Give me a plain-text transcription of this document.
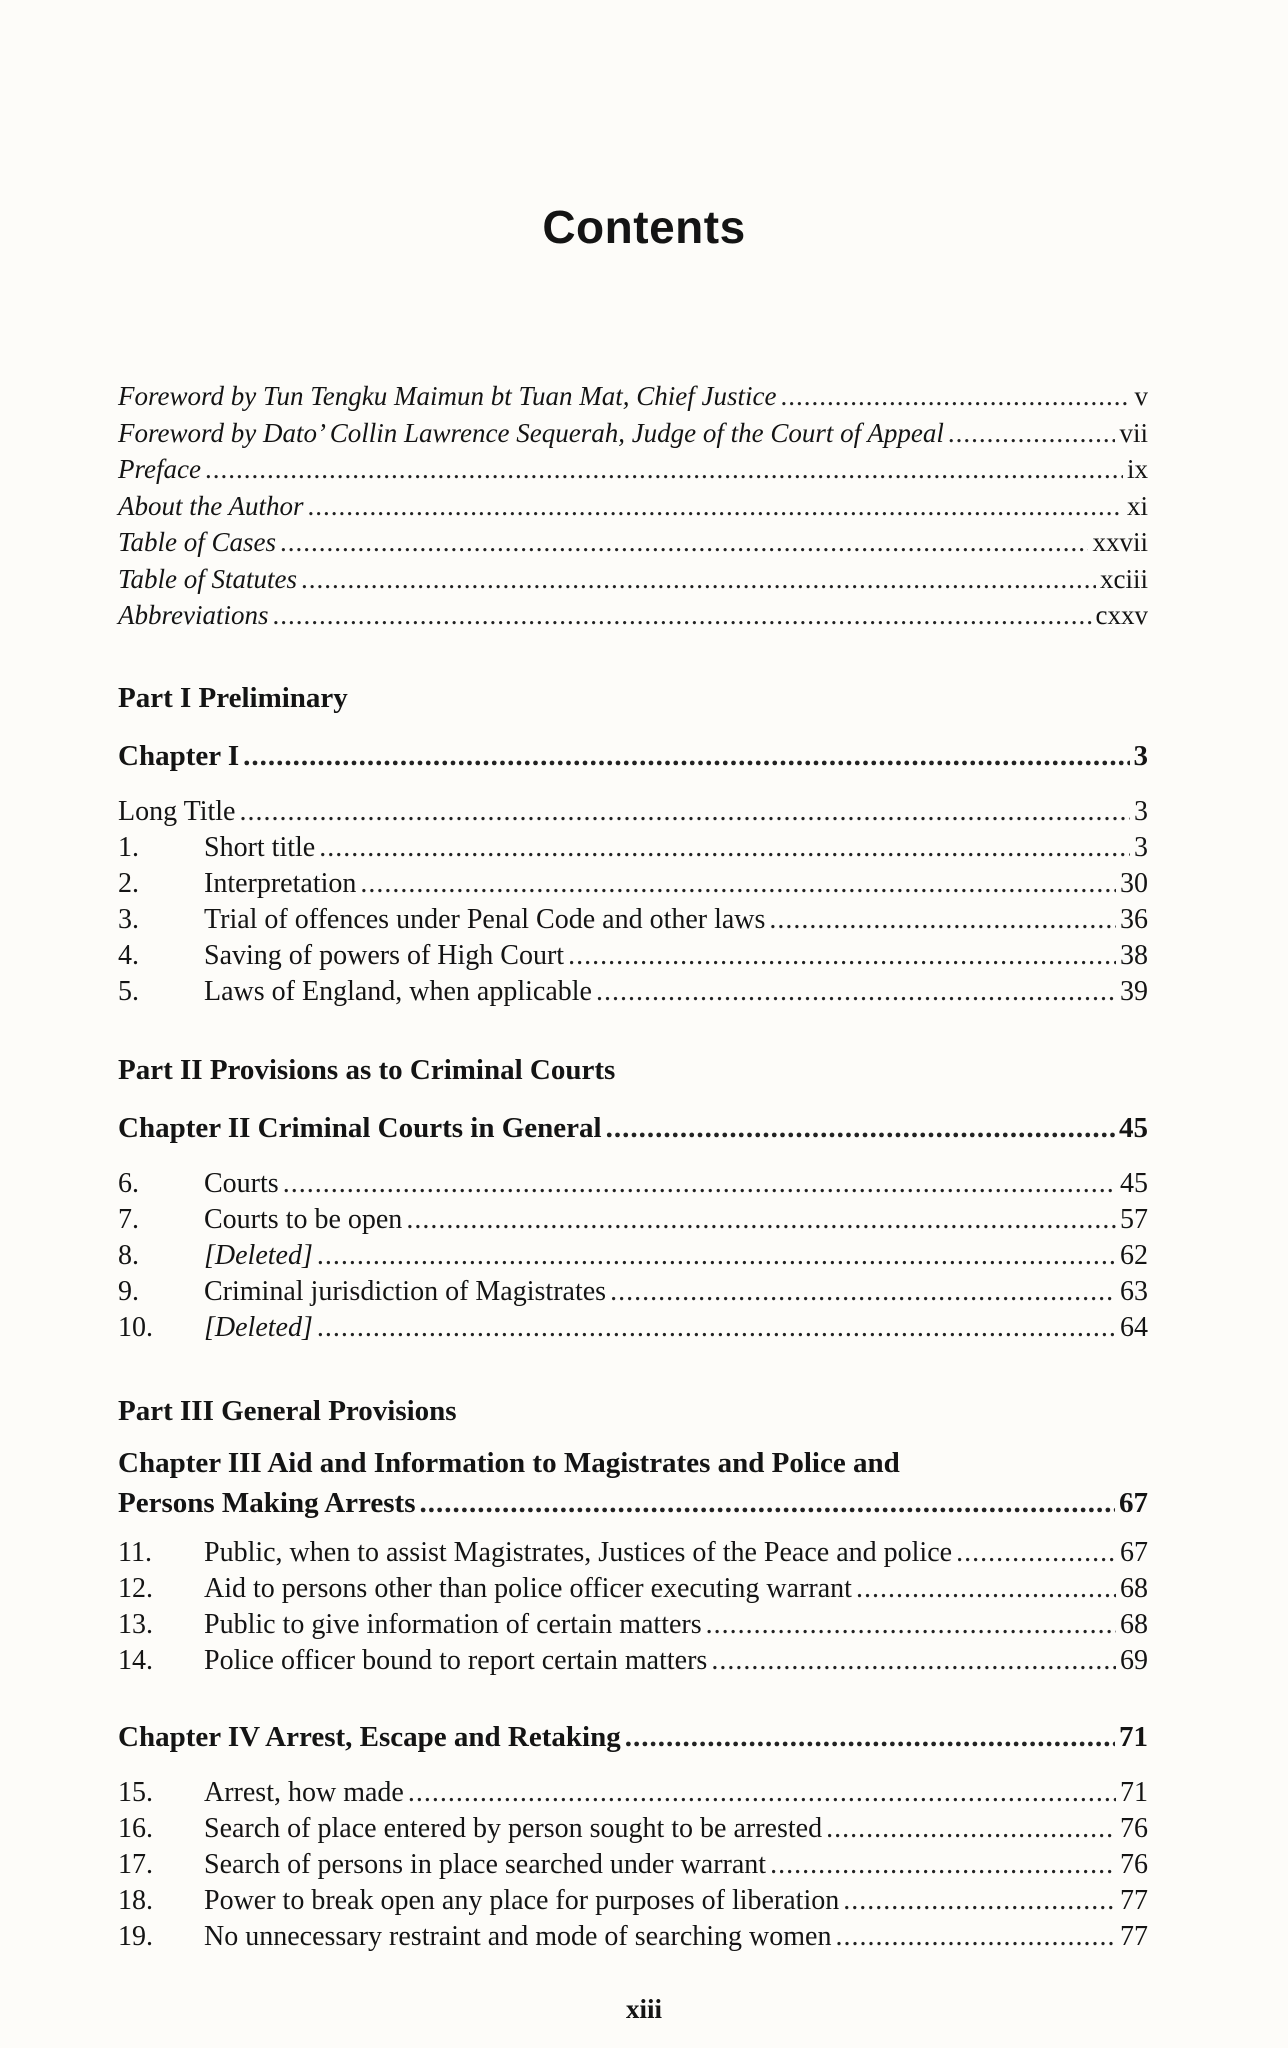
Contents
Foreword by Tun Tengku Maimun bt Tuan Mat, Chief Justice .....	v
Foreword by Dato’ Collin Lawrence Sequerah, Judge of the Court of Appeal .....	vii
Preface .....	ix
About the Author .....	xi
Table of Cases .....	xxvii
Table of Statutes .....	xciii
Abbreviations .....	cxxv
Part I Preliminary
Chapter I .....	3
Long Title .....	3
1.	Short title .....	3
2.	Interpretation .....	30
3.	Trial of offences under Penal Code and other laws .....	36
4.	Saving of powers of High Court .....	38
5.	Laws of England, when applicable .....	39
Part II Provisions as to Criminal Courts
Chapter II Criminal Courts in General .....	45
6.	Courts .....	45
7.	Courts to be open .....	57
8.	[Deleted] .....	62
9.	Criminal jurisdiction of Magistrates .....	63
10.	[Deleted] .....	64
Part III General Provisions
Chapter III Aid and Information to Magistrates and Police and
Persons Making Arrests .....	67
11.	Public, when to assist Magistrates, Justices of the Peace and police .....	67
12.	Aid to persons other than police officer executing warrant .....	68
13.	Public to give information of certain matters .....	68
14.	Police officer bound to report certain matters .....	69
Chapter IV Arrest, Escape and Retaking .....	71
15.	Arrest, how made .....	71
16.	Search of place entered by person sought to be arrested .....	76
17.	Search of persons in place searched under warrant .....	76
18.	Power to break open any place for purposes of liberation .....	77
19.	No unnecessary restraint and mode of searching women .....	77
xiii
